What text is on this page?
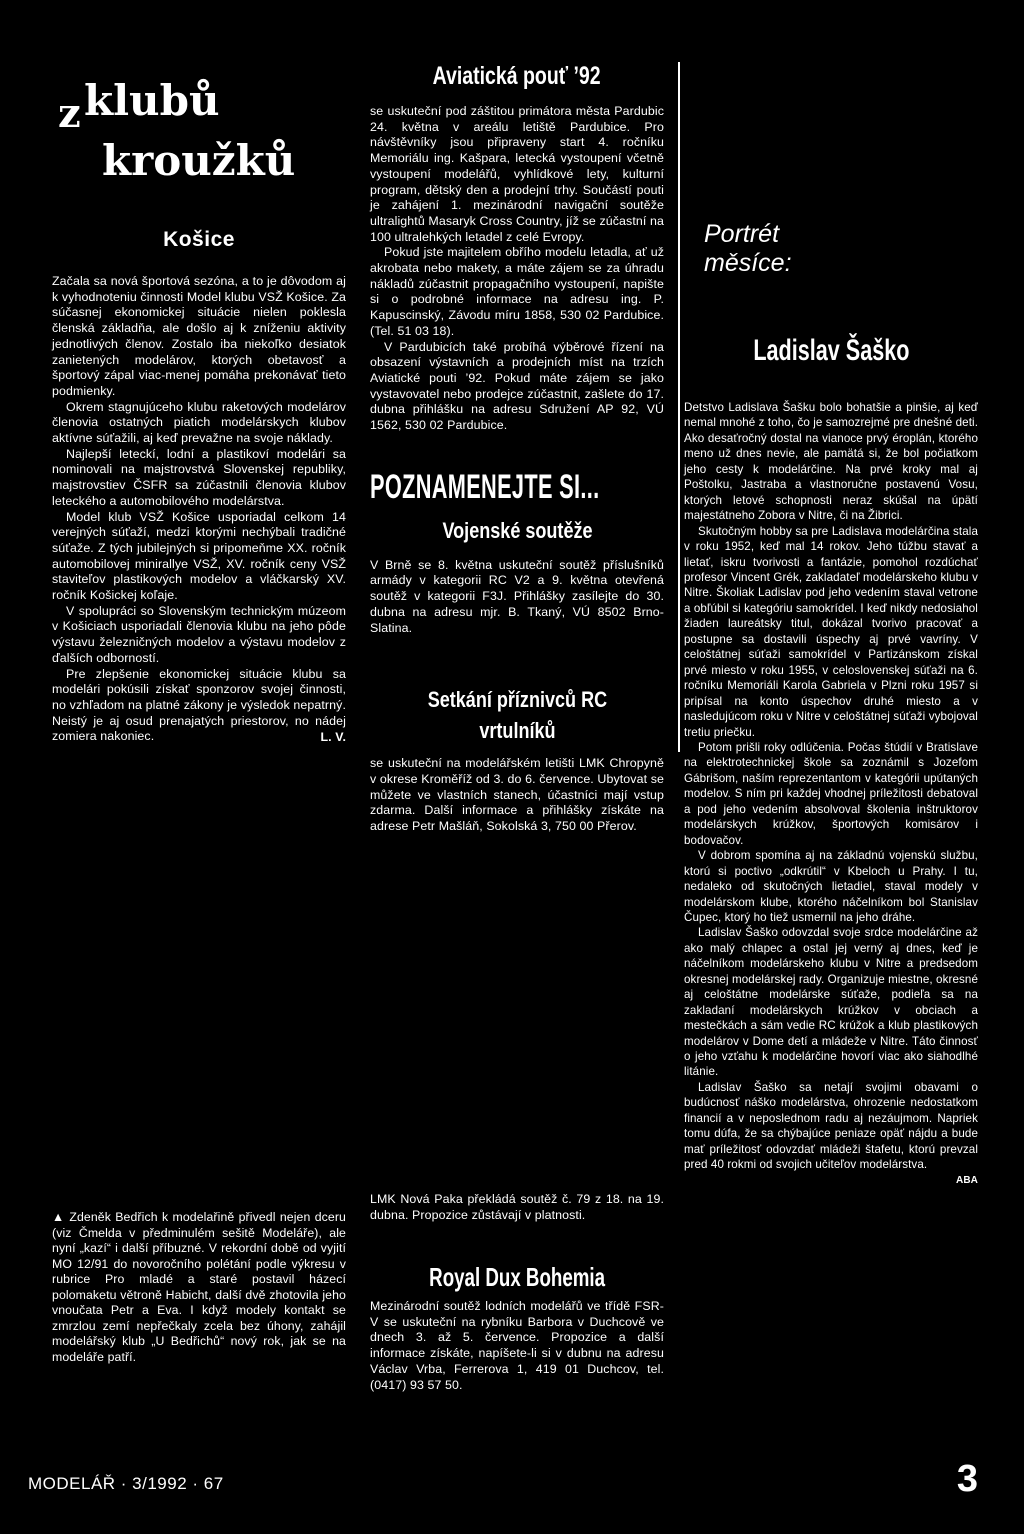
z klubů
kroužků
Košice

Začala sa nová športová sezóna, a to je dôvodom aj k vyhodnoteniu činnosti Model klubu VSŽ Košice. Za súčasnej ekonomickej situácie nielen poklesla členská základňa, ale došlo aj k zníženiu aktivity jednotlivých členov. Zostalo iba niekoľko desiatok zanietených modelárov, ktorých obetavosť a športový zápal viac-menej pomáha prekonávať tieto podmienky.

Okrem stagnujúceho klubu raketových modelárov členovia ostatných piatich modelárskych klubov aktívne súťažili, aj keď prevažne na svoje náklady.

Najlepší leteckí, lodní a plastikoví modelári sa nominovali na majstrovstvá Slovenskej republiky, majstrovstiev ČSFR sa zúčastnili členovia klubov leteckého a automobilového modelárstva.

Model klub VSŽ Košice usporiadal celkom 14 verejných súťaží, medzi ktorými nechýbali tradičné súťaže. Z tých jubilejných si pripomeňme XX. ročník automobilovej minirallye VSŽ, XV. ročník ceny VSŽ staviteľov plastikových modelov a vláčkarský XV. ročník Košickej koľaje.

V spolupráci so Slovenským technickým múzeom v Košiciach usporiadali členovia klubu na jeho pôde výstavu železničných modelov a výstavu modelov z ďalších odborností.

Pre zlepšenie ekonomickej situácie klubu sa modelári pokúsili získať sponzorov svojej činnosti, no vzhľadom na platné zákony je výsledok nepatrný. Neistý je aj osud prenajatých priestorov, no nádej zomiera nakoniec.	L. V.

▲ Zdeněk Bedřich k modelařině přivedl nejen dceru (viz Čmelda v předminulém sešitě Modeláře), ale nyní „kazí“ i další příbuzné. V rekordní době od vyjití MO 12/91 do novoročního polétání podle výkresu v rubrice Pro mladé a staré postavil házecí polomaketu větroně Habicht, další dvě zhotovila jeho vnoučata Petr a Eva. I když modely kontakt se zmrzlou zemí nepřečkaly zcela bez úhony, zahájil modelářský klub „U Bedřichů“ nový rok, jak se na modeláře patří.

Aviatická pouť ’92

se uskuteční pod záštitou primátora města Pardubic 24. května v areálu letiště Pardubice. Pro návštěvníky jsou připraveny start 4. ročníku Memoriálu ing. Kašpara, letecká vystoupení včetně vystoupení modelářů, vyhlídkové lety, kulturní program, dětský den a prodejní trhy. Součástí pouti je zahájení 1. mezinárodní navigační soutěže ultralightů Masaryk Cross Country, jíž se zúčastní na 100 ultralehkých letadel z celé Evropy.

Pokud jste majitelem obřího modelu letadla, ať už akrobata nebo makety, a máte zájem se za úhradu nákladů zúčastnit propagačního vystoupení, napište si o podrobné informace na adresu ing. P. Kapuscinský, Závodu míru 1858, 530 02 Pardubice. (Tel. 51 03 18).

V Pardubicích také probíhá výběrové řízení na obsazení výstavních a prodejních míst na trzích Aviatické pouti ’92. Pokud máte zájem se jako vystavovatel nebo prodejce zúčastnit, zašlete do 17. dubna přihlášku na adresu Sdružení AP 92, VÚ 1562, 530 02 Pardubice.

POZNAMENEJTE SI...
Vojenské soutěže

V Brně se 8. května uskuteční soutěž příslušníků armády v kategorii RC V2 a 9. května otevřená soutěž v kategorii F3J. Přihlášky zasílejte do 30. dubna na adresu mjr. B. Tkaný, VÚ 8502 Brno-Slatina.

Setkání příznivců RC
vrtulníků

se uskuteční na modelářském letišti LMK Chropyně v okrese Kroměříž od 3. do 6. července. Ubytovat se můžete ve vlastních stanech, účastníci mají vstup zdarma. Další informace a přihlášky získáte na adrese Petr Mašláň, Sokolská 3, 750 00 Přerov.

LMK Nová Paka překládá soutěž č. 79 z 18. na 19. dubna. Propozice zůstávají v platnosti.

Royal Dux Bohemia

Mezinárodní soutěž lodních modelářů ve třídě FSR-V se uskuteční na rybníku Barbora v Duchcově ve dnech 3. až 5. července. Propozice a další informace získáte, napíšete-li si v dubnu na adresu Václav Vrba, Ferrerova 1, 419 01 Duchcov, tel. (0417) 93 57 50.

Portrét
měsíce:
Ladislav Šaško

Detstvo Ladislava Šašku bolo bohatšie a pinšie, aj keď nemal mnohé z toho, čo je samozrejmé pre dnešné deti. Ako desaťročný dostal na vianoce prvý éroplán, ktorého meno už dnes nevie, ale pamätá si, že bol počiatkom jeho cesty k modelárčine. Na prvé kroky mal aj Poštolku, Jastraba a vlastnoručne postavenú Vosu, ktorých letové schopnosti neraz skúšal na úpätí majestátneho Zobora v Nitre, či na Žibrici.

Skutočným hobby sa pre Ladislava modelárčina stala v roku 1952, keď mal 14 rokov. Jeho túžbu stavať a lietať, iskru tvorivosti a fantázie, pomohol rozdúchať profesor Vincent Grék, zakladateľ modelárskeho klubu v Nitre. Školiak Ladislav pod jeho vedením staval vetrone a obľúbil si kategóriu samokrídel. I keď nikdy nedosiahol žiaden laureátsky titul, dokázal tvorivo pracovať a postupne sa dostavili úspechy aj prvé vavríny. V celoštátnej súťaži samokrídel v Partizánskom získal prvé miesto v roku 1955, v celoslovenskej súťaži na 6. ročníku Memoriáli Karola Gabriela v Plzni roku 1957 si pripísal na konto úspechov druhé miesto a v nasledujúcom roku v Nitre v celoštátnej súťaži vybojoval tretiu priečku.

Potom prišli roky odlúčenia. Počas štúdií v Bratislave na elektrotechnickej škole sa zoznámil s Jozefom Gábrišom, naším reprezentantom v kategórii upútaných modelov. S ním pri každej vhodnej príležitosti debatoval a pod jeho vedením absolvoval školenia inštruktorov modelárskych krúžkov, športových komisárov i bodovačov.

V dobrom spomína aj na základnú vojenskú službu, ktorú si poctivo „odkrútil“ v Kbeloch u Prahy. I tu, nedaleko od skutočných lietadiel, staval modely v modelárskom klube, ktorého náčelníkom bol Stanislav Čupec, ktorý ho tiež usmernil na jeho dráhe.

Ladislav Šaško odovzdal svoje srdce modelárčine až ako malý chlapec a ostal jej verný aj dnes, keď je náčelníkom modelárskeho klubu v Nitre a predsedom okresnej modelárskej rady. Organizuje miestne, okresné aj celoštátne modelárske súťaže, podieľa sa na zakladaní modelárskych krúžkov v obciach a mestečkách a sám vedie RC krúžok a klub plastikových modelárov v Dome detí a mládeže v Nitre. Táto činnosť o jeho vzťahu k modelárčine hovorí viac ako siahodlhé litánie.

Ladislav Šaško sa netají svojimi obavami o budúcnosť náško modelárstva, ohrozenie nedostatkom financií a v neposlednom radu aj nezáujmom. Napriek tomu dúfa, že sa chýbajúce peniaze opäť nájdu a bude mať príležitosť odovzdať mládeži štafetu, ktorú prevzal pred 40 rokmi od svojich učiteľov modelárstva.

ABA

MODELÁŘ · 3/1992 · 67	3
